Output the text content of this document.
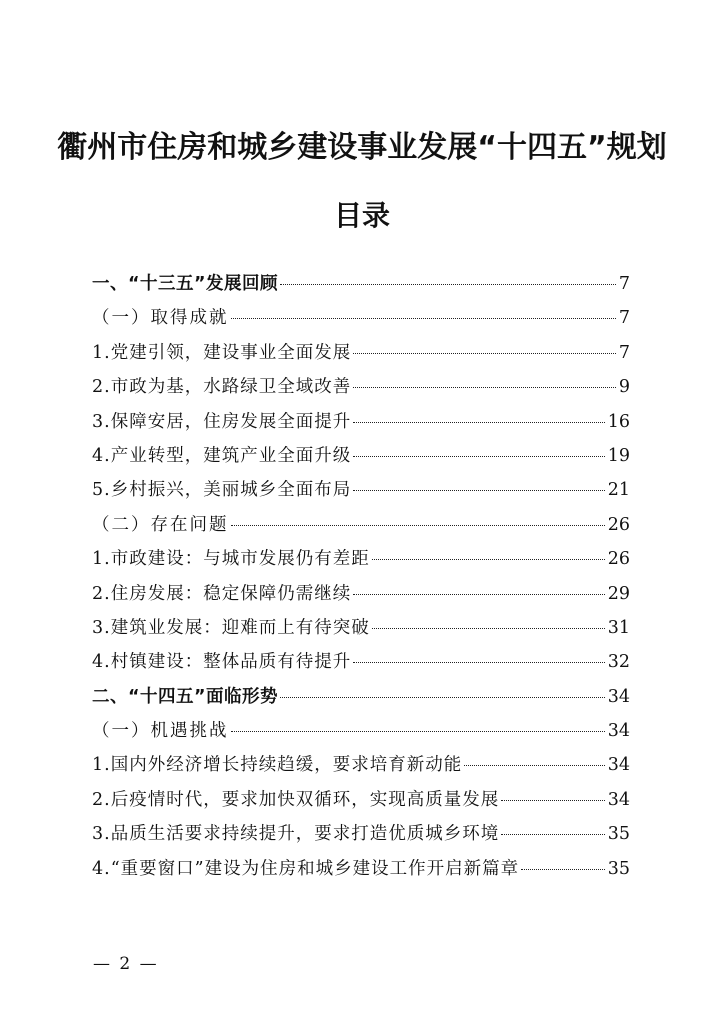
衢州市住房和城乡建设事业发展“十四五”规划
目录
一、“十三五”发展回顾	7
（一）取得成就	7
1.党建引领，建设事业全面发展	7
2.市政为基，水路绿卫全域改善	9
3.保障安居，住房发展全面提升	16
4.产业转型，建筑产业全面升级	19
5.乡村振兴，美丽城乡全面布局	21
（二）存在问题	26
1.市政建设：与城市发展仍有差距	26
2.住房发展：稳定保障仍需继续	29
3.建筑业发展：迎难而上有待突破	31
4.村镇建设：整体品质有待提升	32
二、“十四五”面临形势	34
（一）机遇挑战	34
1.国内外经济增长持续趋缓，要求培育新动能	34
2.后疫情时代，要求加快双循环，实现高质量发展	34
3.品质生活要求持续提升，要求打造优质城乡环境	35
4.“重要窗口”建设为住房和城乡建设工作开启新篇章	35
— 2 —
